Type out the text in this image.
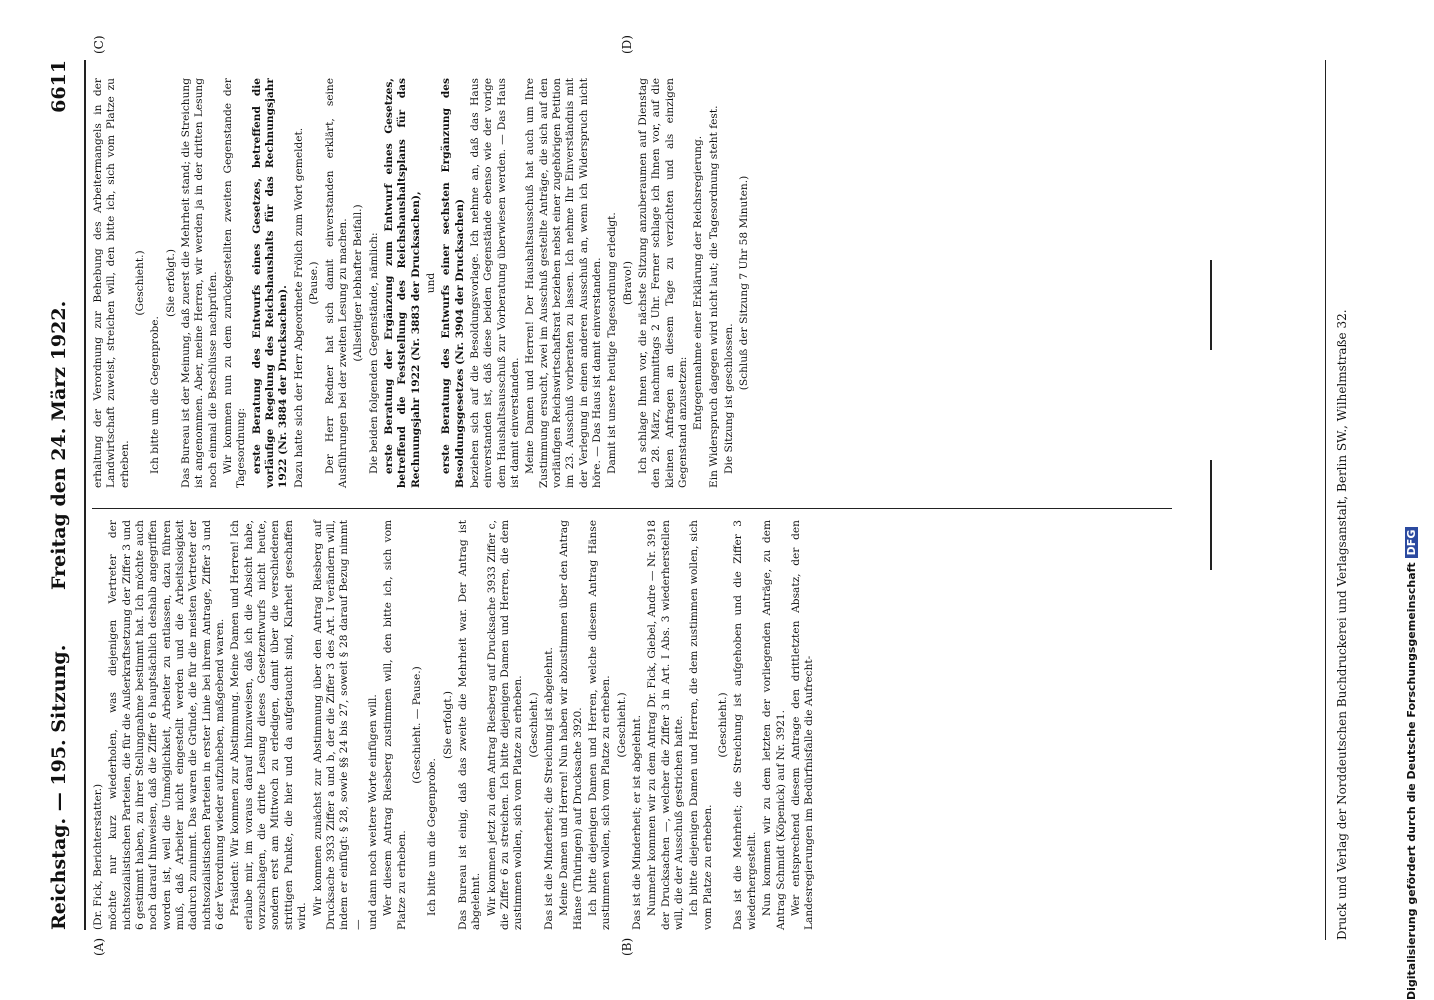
Reichstag. — 195. Sitzung.
Freitag den 24. März 1922.
6611

(Dr. Fick, Berichterstatter.) möchte nur kurz wiederholen, was diejenigen Vertreter der nichtsozialistischen Parteien, die für die Außerkraftsetzung der Ziffer 3 und 6 gestimmt haben, zu ihrer Stellungnahme bestimmt hat. Ich möchte auch noch darauf hinweisen, daß die Ziffer 6 hauptsächlich deshalb angegriffen worden ist, weil die Unmöglichkeit, Arbeiter zu entlassen, dazu führen muß, daß Arbeiter nicht eingestellt werden und die Arbeitslosigkeit dadurch zunimmt. Das waren die Gründe, die für die meisten Vertreter der nichtsozialistischen Parteien in erster Linie bei ihrem Antrage, Ziffer 3 und 6 der Verordnung wieder aufzuheben, maßgebend waren. Präsident: Wir kommen zur Abstimmung. Meine Damen und Herren! Ich erlaube mir, im voraus darauf hinzuweisen, daß ich die Absicht habe, vorzuschlagen, die dritte Lesung dieses Gesetzentwurfs nicht heute, sondern erst am Mittwoch zu erledigen, damit über die verschiedenen strittigen Punkte, die hier und da aufgetaucht sind, Klarheit geschaffen wird.

Wir kommen zunächst zur Abstimmung über den Antrag Riesberg auf Drucksache 3933 Ziffer a und b, der die Ziffer 3 des Art. I verändern will, indem er einfügt: § 28, sowie §§ 24 bis 27, soweit § 28 darauf Bezug nimmt — und dann noch weitere Worte einfügen will. Wer diesem Antrag Riesberg zustimmen will, den bitte ich, sich vom Platze zu erheben.

(Geschieht. — Pause.)

Ich bitte um die Gegenprobe.

(Sie erfolgt.) Das Bureau ist einig, daß das zweite die Mehrheit war. Der Antrag ist abgelehnt. Wir kommen jetzt zu dem Antrag Riesberg auf Drucksache 3933 Ziffer c, die Ziffer 6 zu streichen. Ich bitte diejenigen Damen und Herren, die dem zustimmen wollen, sich vom Platze zu erheben. (Geschieht.) Das ist die Minderheit; die Streichung ist abgelehnt. Meine Damen und Herren! Nun haben wir abzustimmen über den Antrag Hänse (Thüringen) auf Drucksache 3920. Ich bitte diejenigen Damen und Herren, welche diesem Antrag Hänse zustimmen wollen, sich vom Platze zu erheben. (Geschieht.) Das ist die Minderheit; er ist abgelehnt. Nunmehr kommen wir zu dem Antrag Dr. Fick, Giebel, Andre — Nr. 3918 der Drucksachen —, welcher die Ziffer 3 in Art. I Abs. 3 wiederherstellen will, die der Ausschuß gestrichen hatte. Ich bitte diejenigen Damen und Herren, die dem zustimmen wollen, sich vom Platze zu erheben.

(Geschieht.) Das ist die Mehrheit; die Streichung ist aufgehoben und die Ziffer 3 wiederhergestellt. Nun kommen wir zu dem letzten der vorliegenden Anträge, zu dem Antrag Schmidt (Köpenick) auf Nr. 3921. Wer entsprechend diesem Antrage den drittletzten Absatz, der den Landesregierungen im Bedürfnisfalle die Aufrecht-

erhaltung der Verordnung zur Behebung des Arbeitermangels in der Landwirtschaft zuweist, streichen will, den bitte ich, sich vom Platze zu erheben.

(Geschieht.)

Ich bitte um die Gegenprobe.

(Sie erfolgt.) Das Bureau ist der Meinung, daß zuerst die Mehrheit stand; die Streichung ist angenommen. Aber, meine Herren, wir werden ja in der dritten Lesung noch einmal die Beschlüsse nachprüfen. Wir kommen nun zu dem zurückgestellten zweiten Gegenstande der Tagesordnung: erste Beratung des Entwurfs eines Gesetzes, betreffend die vorläufige Regelung des Reichshaushalts für das Rechnungsjahr 1922 (Nr. 3884 der Drucksachen). Dazu hatte sich der Herr Abgeordnete Frölich zum Wort gemeldet. (Pause.) Der Herr Redner hat sich damit einverstanden erklärt, seine Ausführungen bei der zweiten Lesung zu machen. (Allseitiger lebhafter Beifall.) Die beiden folgenden Gegenstände, nämlich: erste Beratung der Ergänzung zum Entwurf eines Gesetzes, betreffend die Feststellung des Reichshaushaltsplans für das Rechnungsjahr 1922 (Nr. 3883 der Drucksachen), und erste Beratung des Entwurfs einer sechsten Ergänzung des Besoldungsgesetzes (Nr. 3904 der Drucksachen) beziehen sich auf die Besoldungsvorlage. Ich nehme an, daß das Haus einverstanden ist, daß diese beiden Gegenstände ebenso wie der vorige dem Haushaltsausschuß zur Vorberatung überwiesen werden. — Das Haus ist damit einverstanden. Meine Damen und Herren! Der Haushaltsausschuß hat auch um Ihre Zustimmung ersucht, zwei im Ausschuß gestellte Anträge, die sich auf den vorläufigen Reichswirtschaftsrat beziehen nebst einer zugehörigen Petition im 23. Ausschuß vorberaten zu lassen. Ich nehme Ihr Einverständnis mit der Verlegung in einen anderen Ausschuß an, wenn ich Widerspruch nicht höre. — Das Haus ist damit einverstanden. Damit ist unsere heutige Tagesordnung erledigt. (Bravo!) Ich schlage Ihnen vor, die nächste Sitzung anzuberaumen auf Dienstag den 28. März, nachmittags 2 Uhr. Ferner schlage ich Ihnen vor, auf die kleinen Anfragen an diesem Tage zu verzichten und als einzigen Gegenstand anzusetzen: Entgegennahme einer Erklärung der Reichsregierung. Ein Widerspruch dagegen wird nicht laut; die Tagesordnung steht fest. Die Sitzung ist geschlossen.

(Schluß der Sitzung 7 Uhr 58 Minuten.)

(A)	(B)
(C)	(D)
Druck und Verlag der Norddeutschen Buchdruckerei und Verlagsanstalt, Berlin SW., Wilhelmstraße 32.	Digitalisierung gefördert durch die Deutsche ForschungsgemeinschaftDFG
